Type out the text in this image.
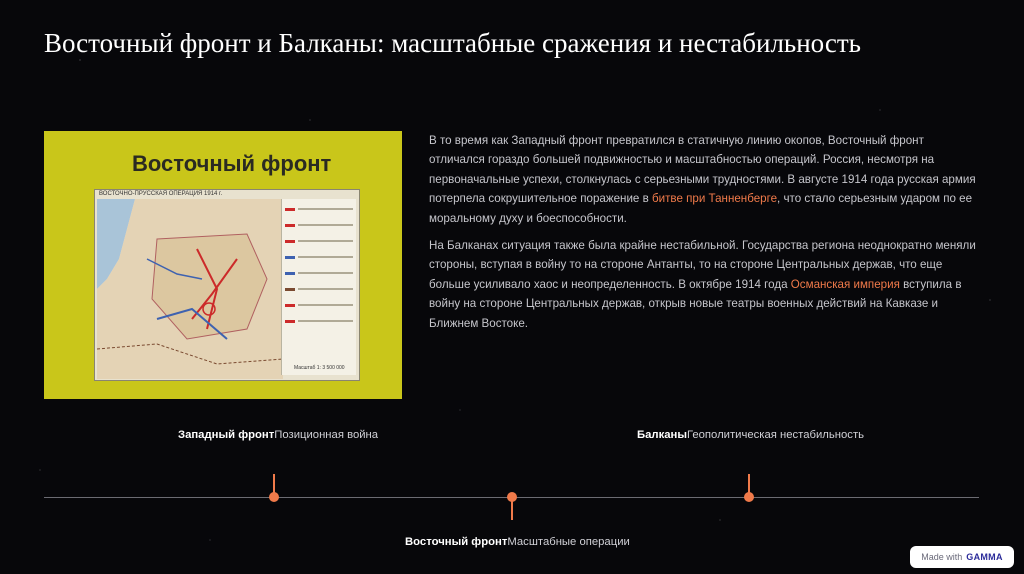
Восточный фронт и Балканы: масштабные сражения и нестабильность
Восточный фронт
ВОСТОЧНО-ПРУССКАЯ ОПЕРАЦИЯ 1914 г.
Масштаб 1: 3 500 000

В то время как Западный фронт превратился в статичную линию окопов, Восточный фронт отличался гораздо большей подвижностью и масштабностью операций. Россия, несмотря на первоначальные успехи, столкнулась с серьезными трудностями. В августе 1914 года русская армия потерпела сокрушительное поражение в битве при Танненберге, что стало серьезным ударом по ее моральному духу и боеспособности.

На Балканах ситуация также была крайне нестабильной. Государства региона неоднократно меняли стороны, вступая в войну то на стороне Антанты, то на стороне Центральных держав, что еще больше усиливало хаос и неопределенность. В октябре 1914 года Османская империя вступила в войну на стороне Центральных держав, открыв новые театры военных действий на Кавказе и Ближнем Востоке.

Западный фронтПозиционная война
Восточный фронтМасштабные операции
БалканыГеополитическая нестабильность
Made with GAMMA
